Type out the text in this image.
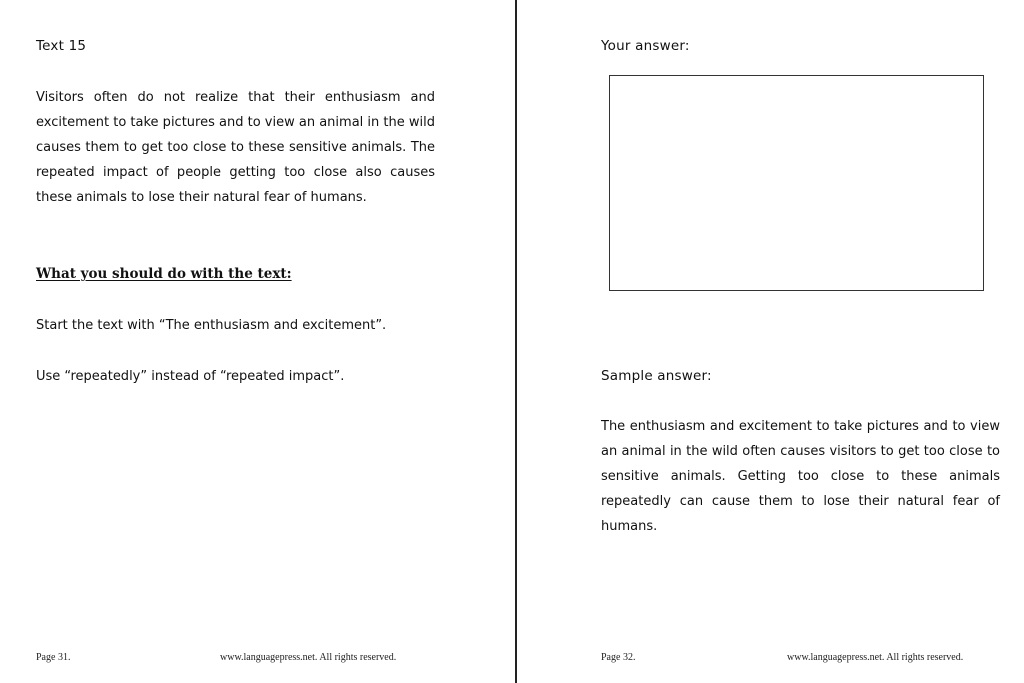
Text 15

Visitors often do not realize that their enthusiasm and excitement to take pictures and to view an animal in the wild causes them to get too close to these sensitive animals. The repeated impact of people getting too close also causes these animals to lose their natural fear of humans.

What you should do with the text:
Start the text with “The enthusiasm and excitement”.
Use “repeatedly” instead of “repeated impact”.
Page 31.	www.languagepress.net. All rights reserved.
Your answer:
Sample answer:

The enthusiasm and excitement to take pictures and to view an animal in the wild often causes visitors to get too close to sensitive animals. Getting too close to these animals repeatedly can cause them to lose their natural fear of humans.

Page 32.	www.languagepress.net. All rights reserved.
